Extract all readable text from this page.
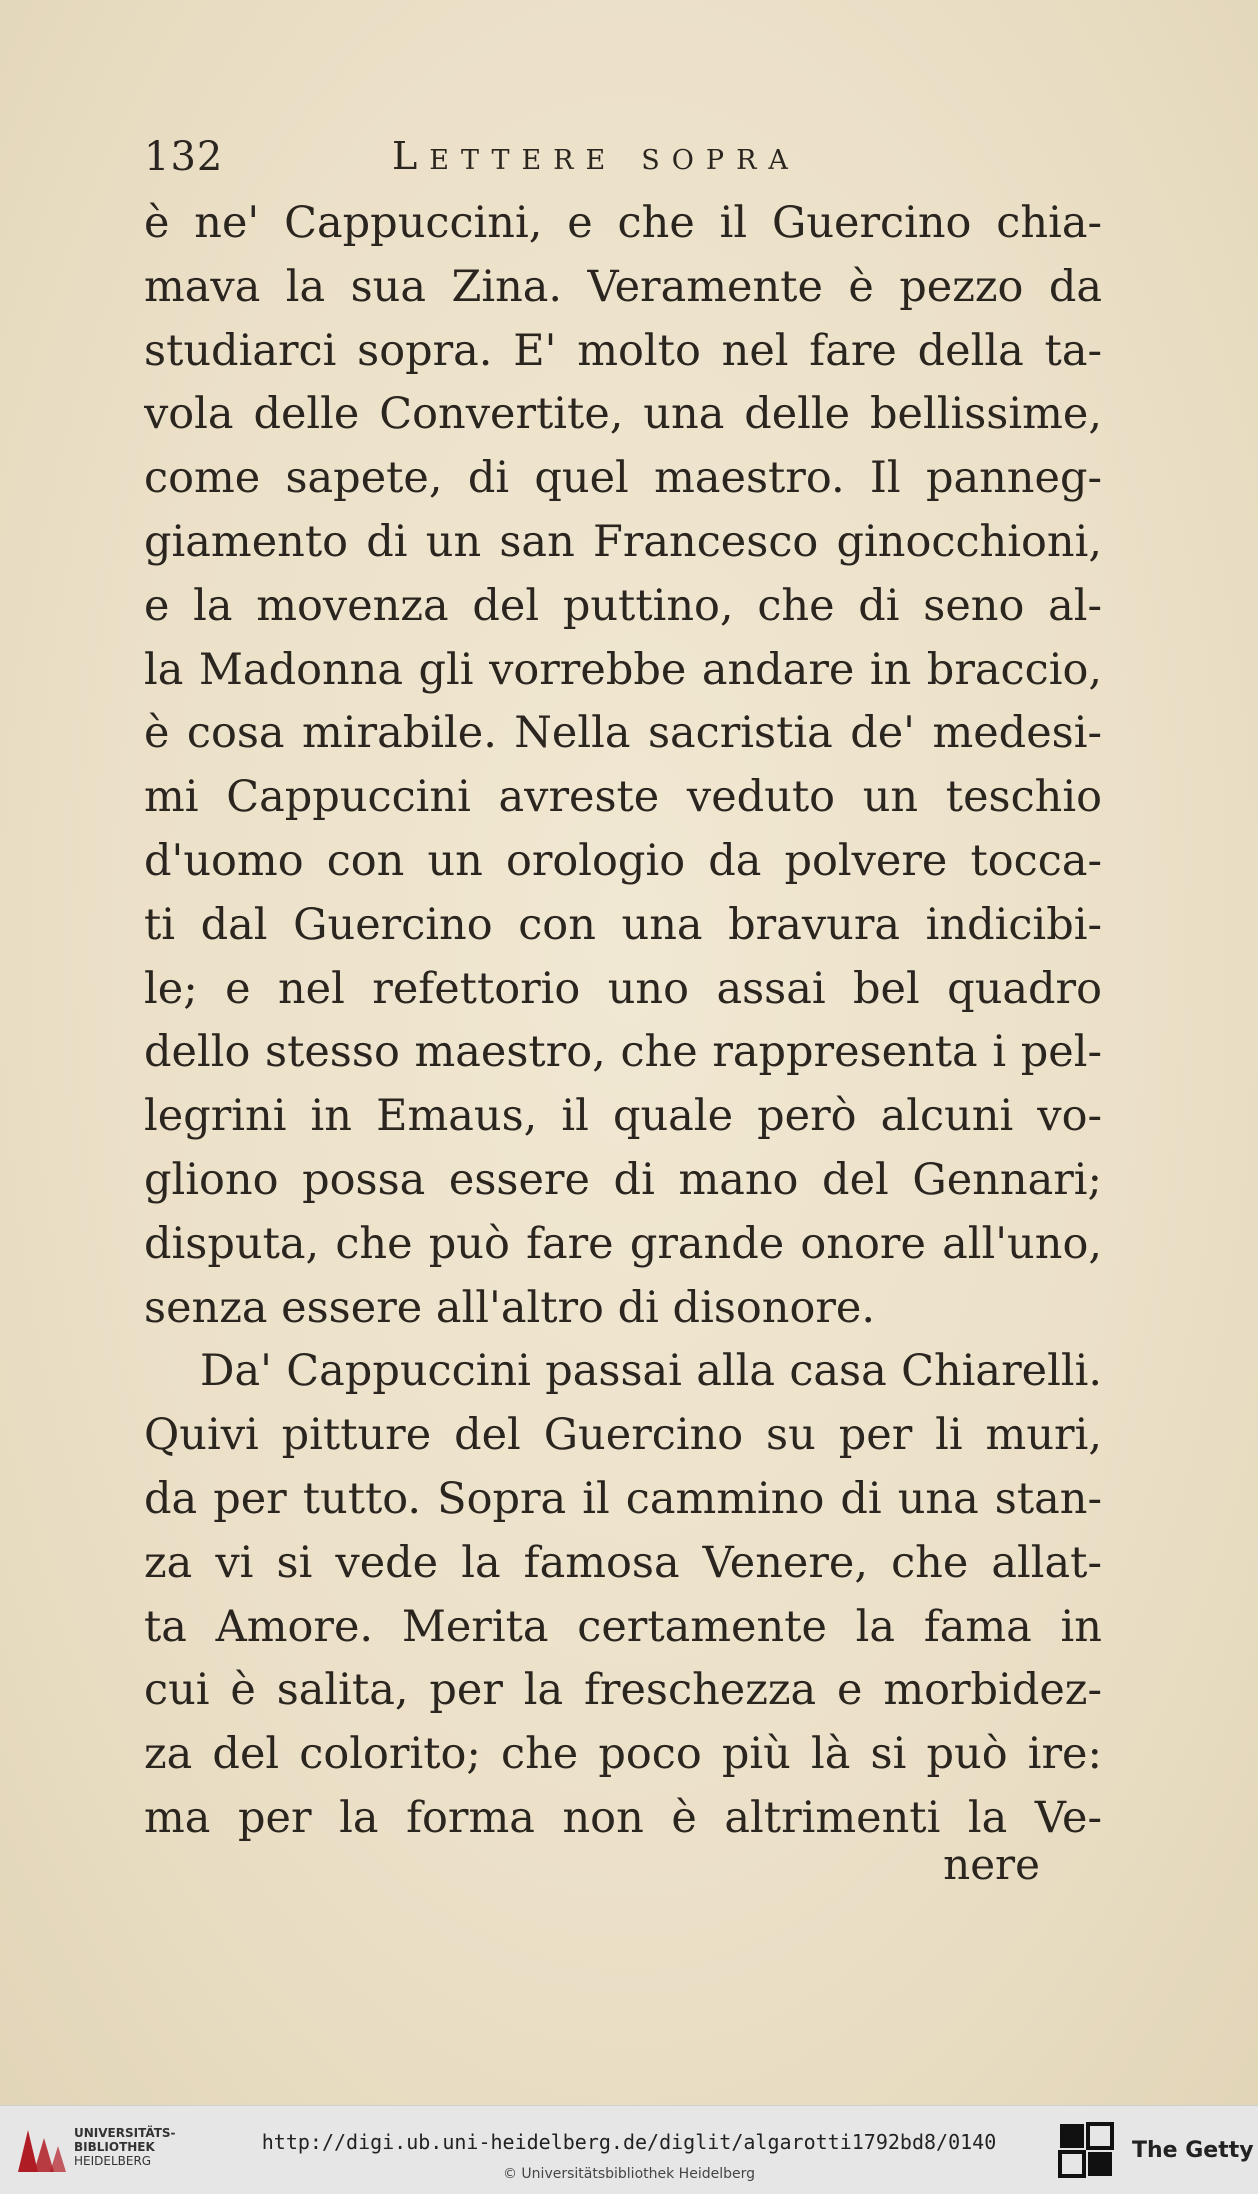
132	Lettere sopra
è ne' Cappuccini, e che il Guercino chia-
mava la sua Zina. Veramente è pezzo da
studiarci sopra. E' molto nel fare della ta-
vola delle Convertite, una delle bellissime,
come sapete, di quel maestro. Il panneg-
giamento di un san Francesco ginocchioni,
e la movenza del puttino, che di seno al-
la Madonna gli vorrebbe andare in braccio,
è cosa mirabile. Nella sacristia de' medesi-
mi Cappuccini avreste veduto un teschio
d'uomo con un orologio da polvere tocca-
ti dal Guercino con una bravura indicibi-
le; e nel refettorio uno assai bel quadro
dello stesso maestro, che rappresenta i pel-
legrini in Emaus, il quale però alcuni vo-
gliono possa essere di mano del Gennari;
disputa, che può fare grande onore all'uno,
senza essere all'altro di disonore.
Da' Cappuccini passai alla casa Chiarelli.
Quivi pitture del Guercino su per li muri,
da per tutto. Sopra il cammino di una stan-
za vi si vede la famosa Venere, che allat-
ta Amore. Merita certamente la fama in
cui è salita, per la freschezza e morbidez-
za del colorito; che poco più là si può ire:
ma per la forma non è altrimenti la Ve-
nere
UNIVERSITÄTS-
BIBLIOTHEK
HEIDELBERG
http://digi.ub.uni-heidelberg.de/diglit/algarotti1792bd8/0140
© Universitätsbibliothek Heidelberg
The Getty
